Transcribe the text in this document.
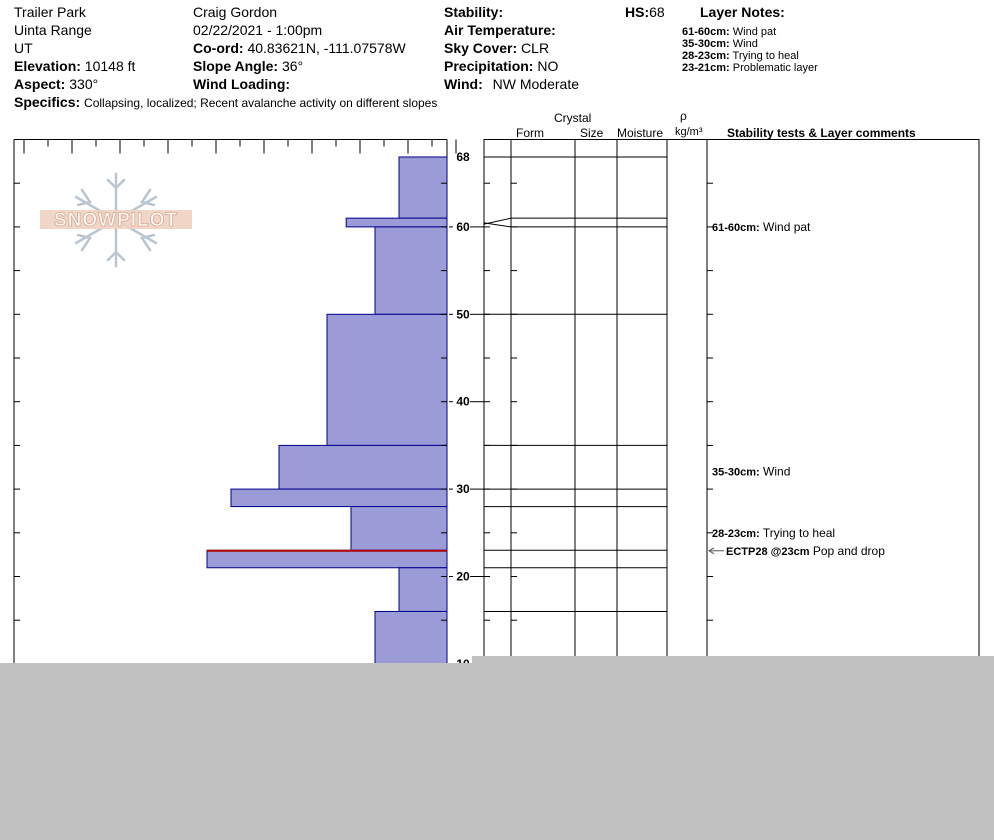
Trailer Park
Uinta Range
UT
Elevation: 10148 ft
Aspect: 330°
Craig Gordon
02/22/2021 - 1:00pm
Co-ord: 40.83621N, -111.07578W
Slope Angle: 36°
Wind Loading:
Stability:
Air Temperature:
Sky Cover: CLR
Precipitation: NO
Wind: NW Moderate
HS:68	Layer Notes:
61-60cm: Wind pat
35-30cm: Wind
28-23cm: Trying to heal
23-21cm: Problematic layer
Specifics: Collapsing, localized; Recent avalanche activity on different slopes
Crystal
Form	Size Moisture
ρ
kg/m³ Stability tests & Layer comments
20
30
40
50
60
68
61-60cm: Wind pat
35-30cm: Wind
28-23cm: Trying to heal
ECTP28 @23cm Pop and drop
SNOWPILOT
